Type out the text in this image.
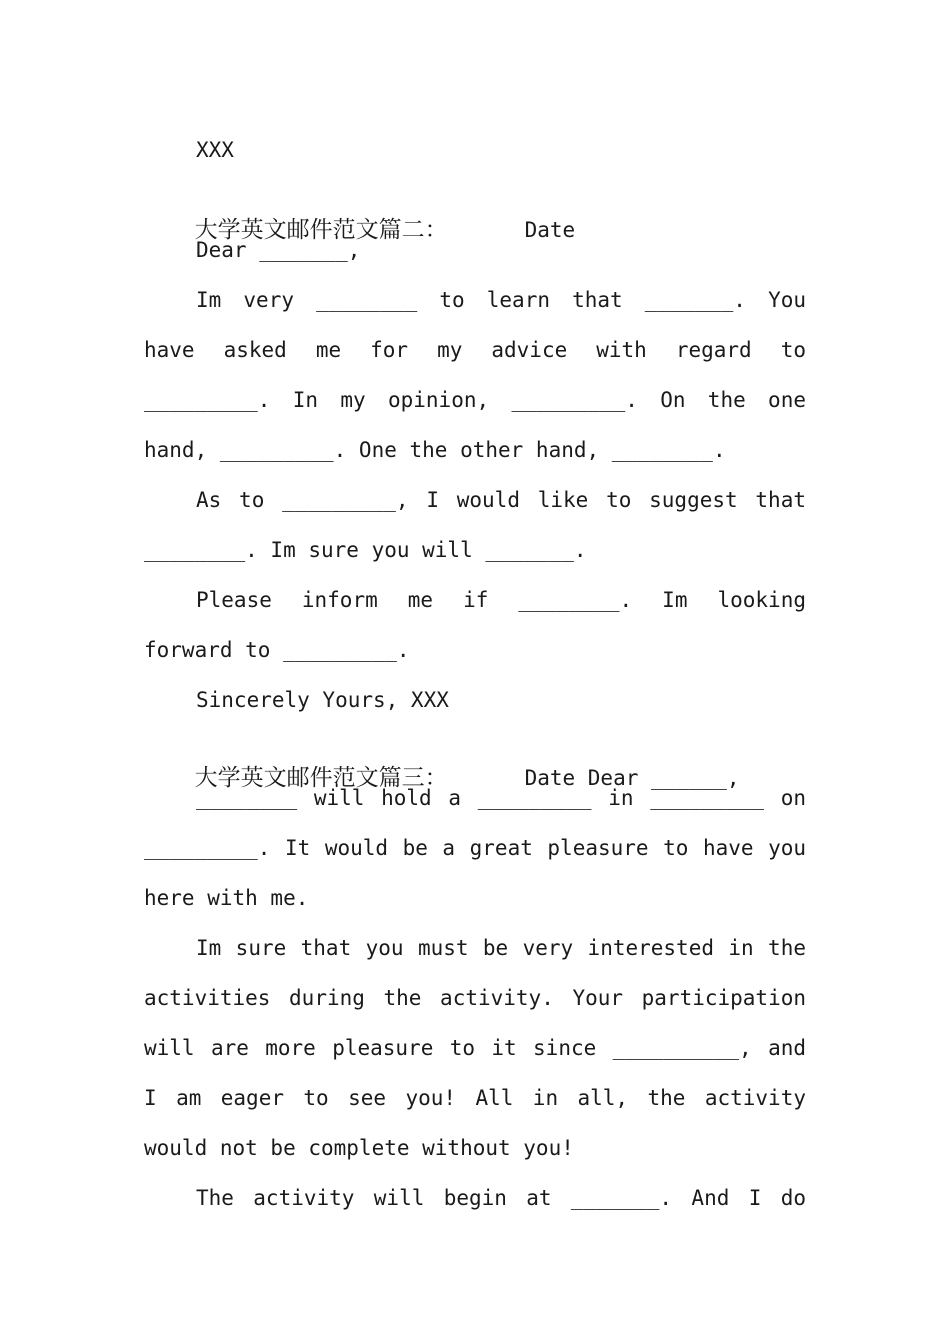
XXX

大学英文邮件范文篇二：	Date

Dear _______,
Im very ________ to learn that _______. You
have asked me for my advice with regard to
_________. In my opinion, _________. On the one
hand, _________. One the other hand, ________.
As to _________, I would like to suggest that
________. Im sure you will _______.
Please inform me if ________. Im looking
forward to _________.
Sincerely Yours, XXX

大学英文邮件范文篇三：	Date Dear ______,

________ will hold a _________ in _________ on
_________. It would be a great pleasure to have you
here with me.
Im sure that you must be very interested in the
activities during the activity. Your participation
will are more pleasure to it since __________, and
I am eager to see you! All in all, the activity
would not be complete without you!
The activity will begin at _______. And I do
